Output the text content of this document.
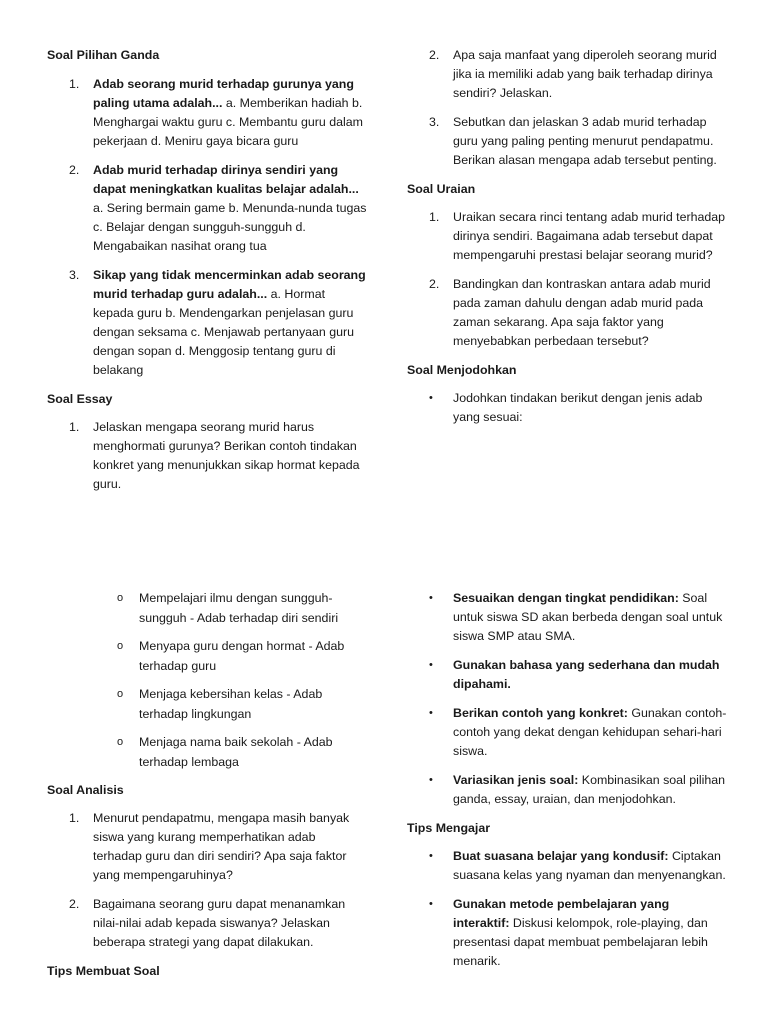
Soal Pilihan Ganda

1. Adab seorang murid terhadap gurunya yang paling utama adalah... a. Memberikan hadiah b. Menghargai waktu guru c. Membantu guru dalam pekerjaan d. Meniru gaya bicara guru
2. Adab murid terhadap dirinya sendiri yang dapat meningkatkan kualitas belajar adalah... a. Sering bermain game b. Menunda-nunda tugas c. Belajar dengan sungguh-sungguh d. Mengabaikan nasihat orang tua
3. Sikap yang tidak mencerminkan adab seorang murid terhadap guru adalah... a. Hormat kepada guru b. Mendengarkan penjelasan guru dengan seksama c. Menjawab pertanyaan guru dengan sopan d. Menggosip tentang guru di belakang

Soal Essay

1. Jelaskan mengapa seorang murid harus menghormati gurunya? Berikan contoh tindakan konkret yang menunjukkan sikap hormat kepada guru.
2. Apa saja manfaat yang diperoleh seorang murid jika ia memiliki adab yang baik terhadap dirinya sendiri? Jelaskan.
3. Sebutkan dan jelaskan 3 adab murid terhadap guru yang paling penting menurut pendapatmu. Berikan alasan mengapa adab tersebut penting.

Soal Uraian

1. Uraikan secara rinci tentang adab murid terhadap dirinya sendiri. Bagaimana adab tersebut dapat mempengaruhi prestasi belajar seorang murid?
2. Bandingkan dan kontraskan antara adab murid pada zaman dahulu dengan adab murid pada zaman sekarang. Apa saja faktor yang menyebabkan perbedaan tersebut?

Soal Menjodohkan

• Jodohkan tindakan berikut dengan jenis adab yang sesuai:
o Mempelajari ilmu dengan sungguh-sungguh - Adab terhadap diri sendiri
o Menyapa guru dengan hormat - Adab terhadap guru
o Menjaga kebersihan kelas - Adab terhadap lingkungan
o Menjaga nama baik sekolah - Adab terhadap lembaga

Soal Analisis

1. Menurut pendapatmu, mengapa masih banyak siswa yang kurang memperhatikan adab terhadap guru dan diri sendiri? Apa saja faktor yang mempengaruhinya?
2. Bagaimana seorang guru dapat menanamkan nilai-nilai adab kepada siswanya? Jelaskan beberapa strategi yang dapat dilakukan.

Tips Membuat Soal

• Sesuaikan dengan tingkat pendidikan: Soal untuk siswa SD akan berbeda dengan soal untuk siswa SMP atau SMA.
• Gunakan bahasa yang sederhana dan mudah dipahami.
• Berikan contoh yang konkret: Gunakan contoh-contoh yang dekat dengan kehidupan sehari-hari siswa.
• Variasikan jenis soal: Kombinasikan soal pilihan ganda, essay, uraian, dan menjodohkan.

Tips Mengajar

• Buat suasana belajar yang kondusif: Ciptakan suasana kelas yang nyaman dan menyenangkan.
• Gunakan metode pembelajaran yang interaktif: Diskusi kelompok, role-playing, dan presentasi dapat membuat pembelajaran lebih menarik.
